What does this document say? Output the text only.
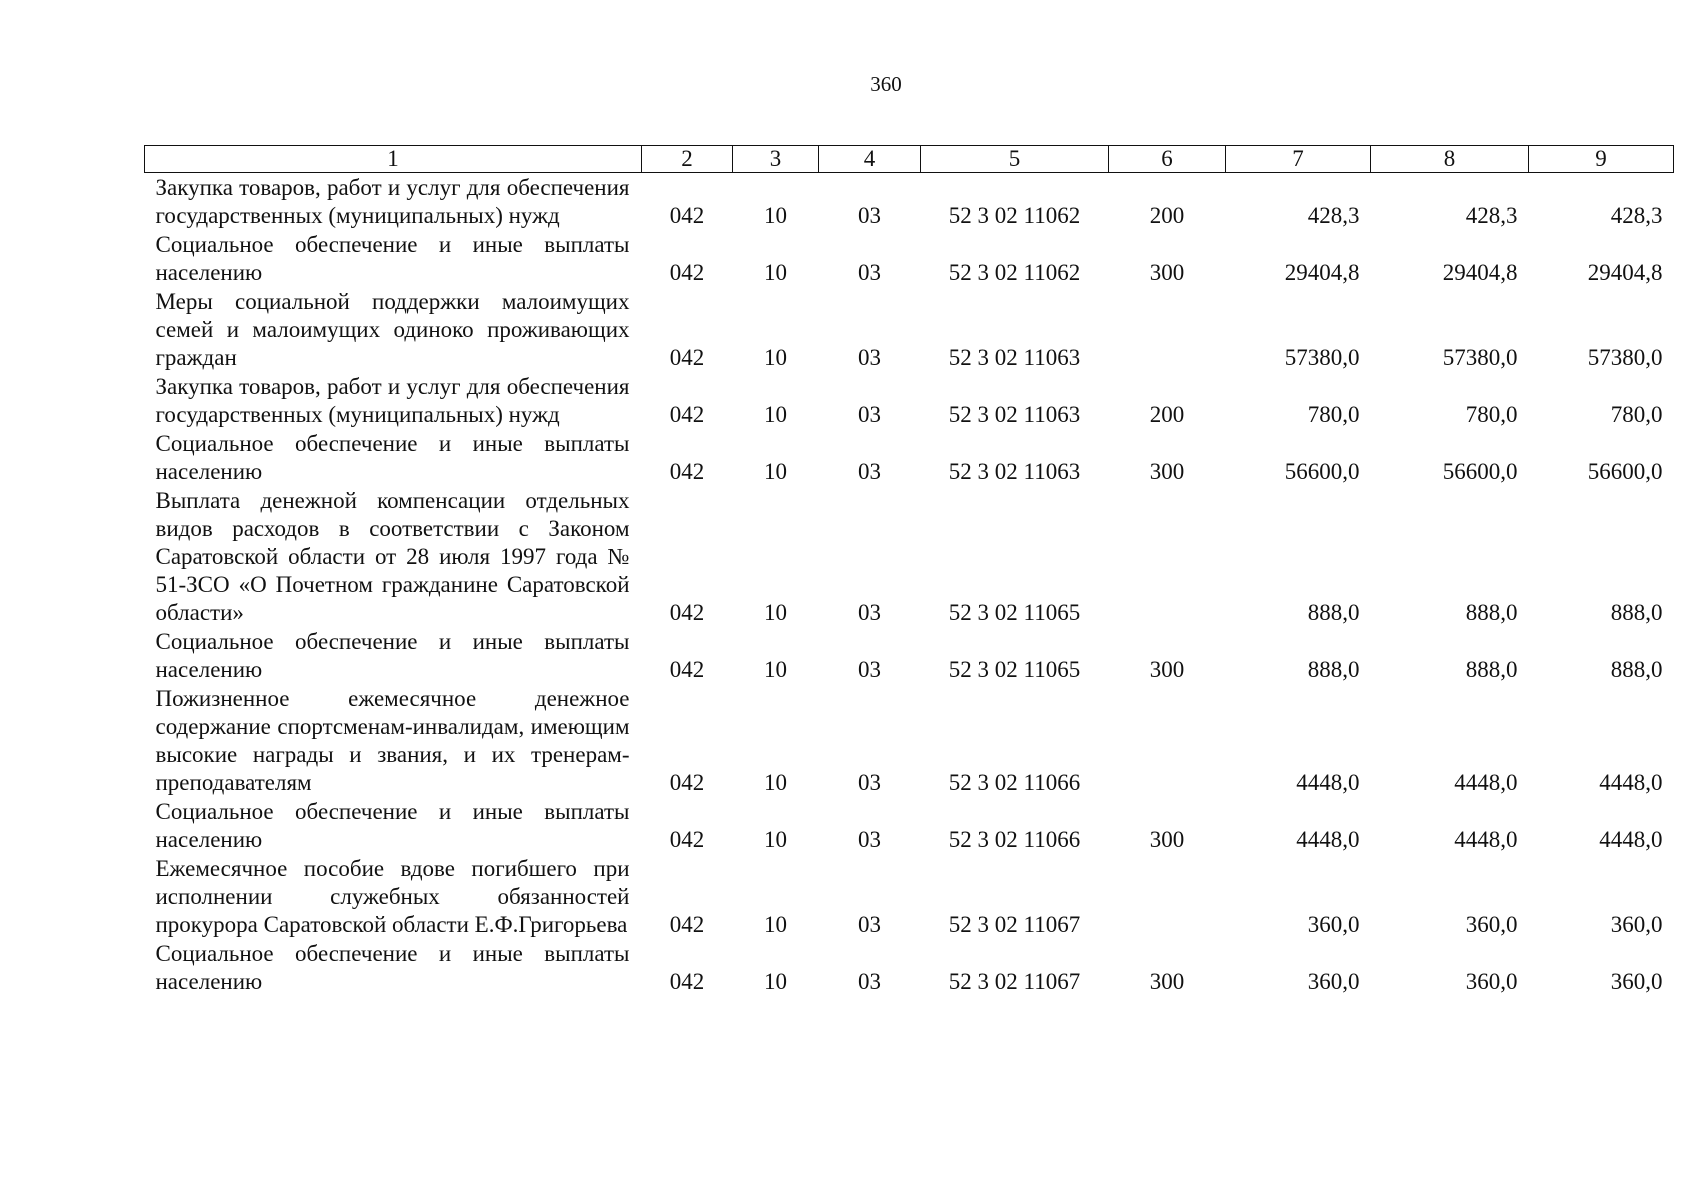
360
1	2	3	4	5	6	7	8	9
Закупка товаров, работ и услуг для обеспечения государственных (муниципальных) нужд	042	10	03	52 3 02 11062	200	428,3	428,3	428,3
Социальное обеспечение и иные выплаты населению	042	10	03	52 3 02 11062	300	29404,8	29404,8	29404,8
Меры социальной поддержки малоимущих семей и малоимущих одиноко проживающих граждан	042	10	03	52 3 02 11063		57380,0	57380,0	57380,0
Закупка товаров, работ и услуг для обеспечения государственных (муниципальных) нужд	042	10	03	52 3 02 11063	200	780,0	780,0	780,0
Социальное обеспечение и иные выплаты населению	042	10	03	52 3 02 11063	300	56600,0	56600,0	56600,0
Выплата денежной компенсации отдельных видов расходов в соответствии с Законом Саратовской области от 28 июля 1997 года № 51-ЗСО «О Почетном гражданине Саратовской области»	042	10	03	52 3 02 11065		888,0	888,0	888,0
Социальное обеспечение и иные выплаты населению	042	10	03	52 3 02 11065	300	888,0	888,0	888,0
Пожизненное ежемесячное денежное содержание спортсменам-инвалидам, имеющим высокие награды и звания, и их тренерам-преподавателям	042	10	03	52 3 02 11066		4448,0	4448,0	4448,0
Социальное обеспечение и иные выплаты населению	042	10	03	52 3 02 11066	300	4448,0	4448,0	4448,0
Ежемесячное пособие вдове погибшего при исполнении служебных обязанностей прокурора Саратовской области Е.Ф.Григорьева	042	10	03	52 3 02 11067		360,0	360,0	360,0
Социальное обеспечение и иные выплаты населению	042	10	03	52 3 02 11067	300	360,0	360,0	360,0
